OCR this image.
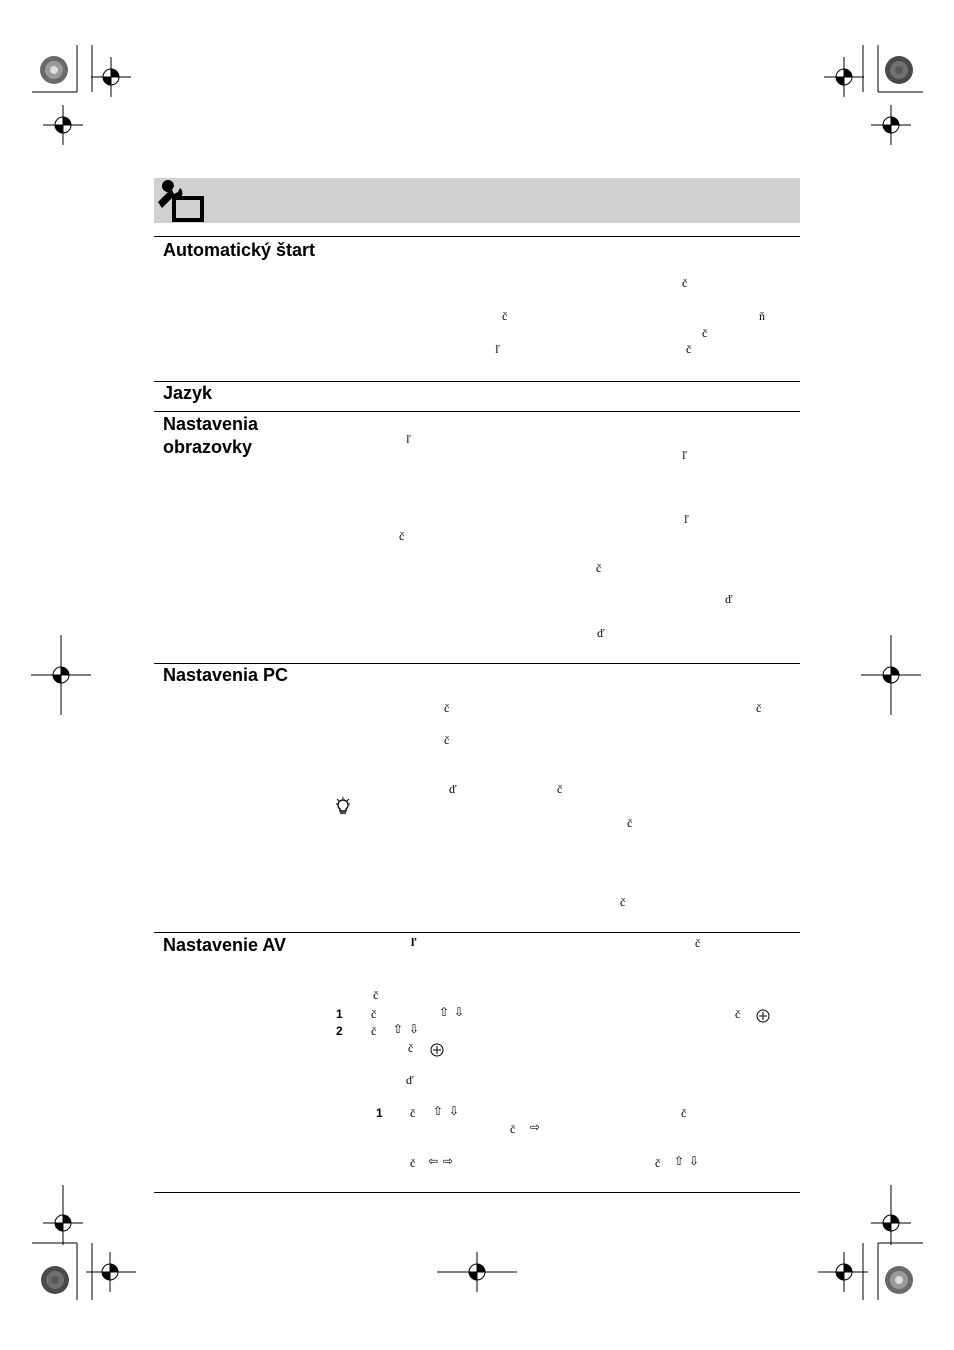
Automatický štart
Jazyk
Nastavenia
obrazovky
Nastavenia PC
Nastavenie AV
č
č	ň
č
ľ	č
ľ
ľ
ľ
č
č
ď
ď
č	č
č
ď	č
č
č
ľ	č
č
1 č	⇧ ⇩	č
2 č ⇧ ⇩
č
ď
1 č ⇧ ⇩	č
č ⇨
č ⇦ ⇨	č ⇧ ⇩
